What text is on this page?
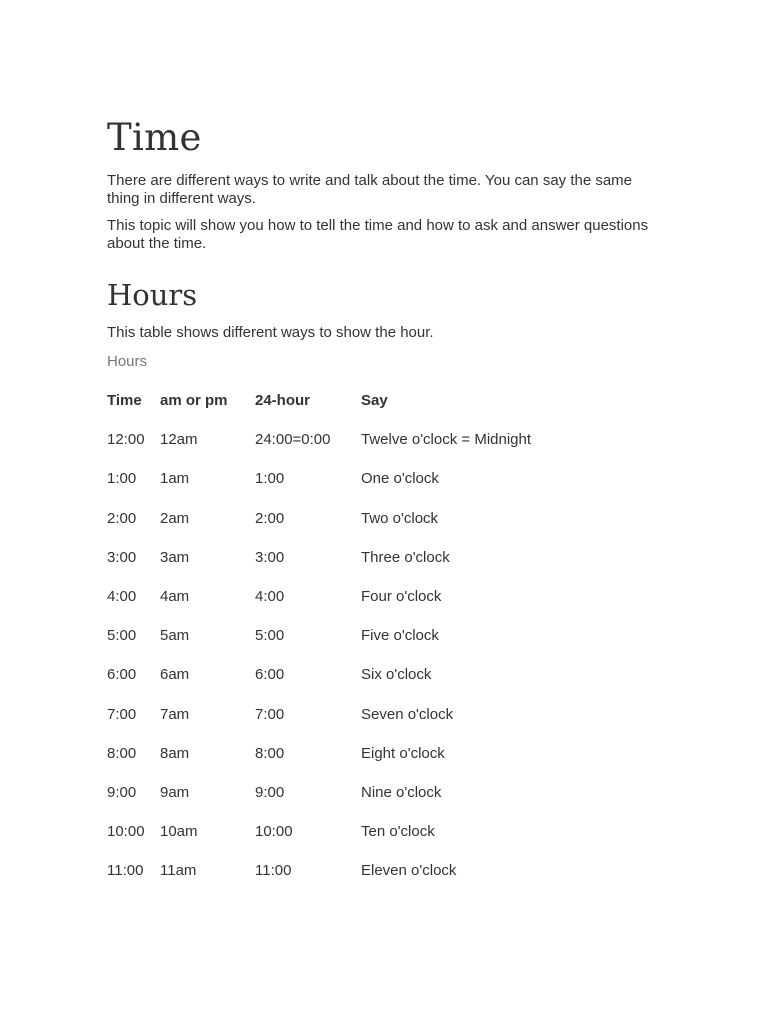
Time

There are different ways to write and talk about the time. You can say the same thing in different ways.

This topic will show you how to tell the time and how to ask and answer questions about the time.

Hours

This table shows different ways to show the hour.

Hours
Time	am or pm	24-hour	Say
12:00	12am	24:00=0:00	Twelve o'clock = Midnight
1:00	1am	1:00	One o'clock
2:00	2am	2:00	Two o'clock
3:00	3am	3:00	Three o'clock
4:00	4am	4:00	Four o'clock
5:00	5am	5:00	Five o'clock
6:00	6am	6:00	Six o'clock
7:00	7am	7:00	Seven o'clock
8:00	8am	8:00	Eight o'clock
9:00	9am	9:00	Nine o'clock
10:00	10am	10:00	Ten o'clock
11:00	11am	11:00	Eleven o'clock
